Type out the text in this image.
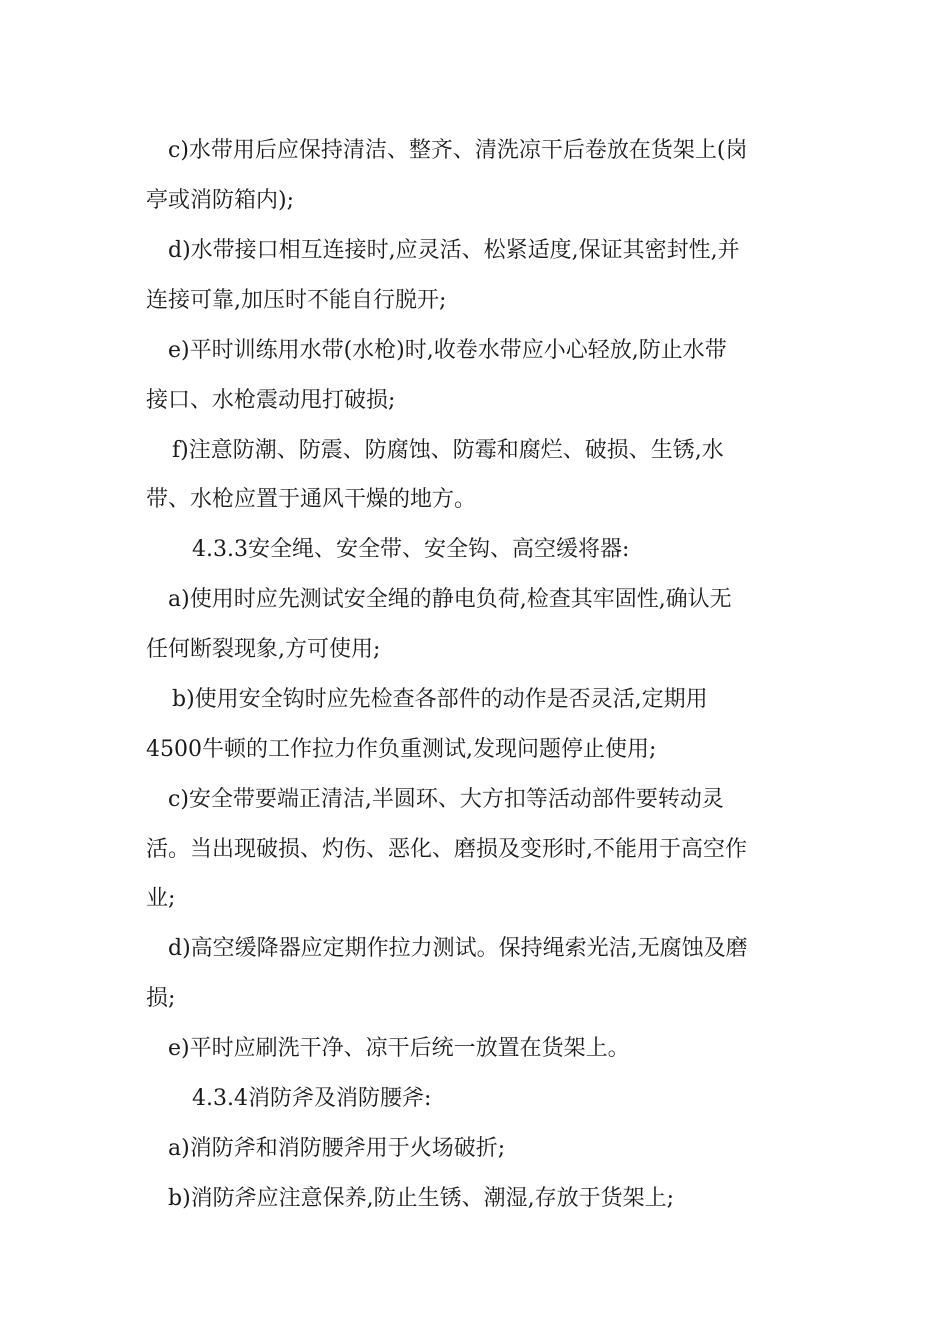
c)水带用后应保持清洁、整齐、清洗凉干后卷放在货架上(岗
亭或消防箱内);
d)水带接口相互连接时,应灵活、松紧适度,保证其密封性,并
连接可靠,加压时不能自行脱开;
e)平时训练用水带(水枪)时,收卷水带应小心轻放,防止水带
接口、水枪震动甩打破损;
f)注意防潮、防震、防腐蚀、防霉和腐烂、破损、生锈,水
带、水枪应置于通风干燥的地方。
4.3.3安全绳、安全带、安全钩、高空缓将器:
a)使用时应先测试安全绳的静电负荷,检查其牢固性,确认无
任何断裂现象,方可使用;
b)使用安全钩时应先检查各部件的动作是否灵活,定期用
4500牛顿的工作拉力作负重测试,发现问题停止使用;
c)安全带要端正清洁,半圆环、大方扣等活动部件要转动灵
活。当出现破损、灼伤、恶化、磨损及变形时,不能用于高空作
业;
d)高空缓降器应定期作拉力测试。保持绳索光洁,无腐蚀及磨
损;
e)平时应刷洗干净、凉干后统一放置在货架上。
4.3.4消防斧及消防腰斧:
a)消防斧和消防腰斧用于火场破折;
b)消防斧应注意保养,防止生锈、潮湿,存放于货架上;
